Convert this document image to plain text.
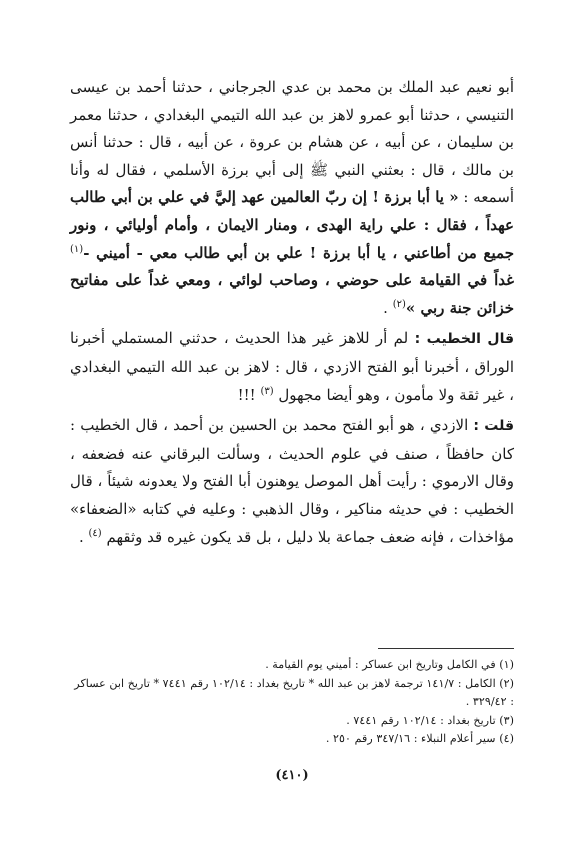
أبو نعيم عبد الملك بن محمد بن عدي الجرجاني ، حدثنا أحمد بن عيسى التنيسي ، حدثنا أبو عمرو لاهز بن عبد الله التيمي البغدادي ، حدثنا معمر بن سليمان ، عن أبيه ، عن هشام بن عروة ، عن أبيه ، قال : حدثنا أنس بن مالك ، قال : بعثني النبي ﷺ إلى أبي برزة الأسلمي ، فقال له وأنا أسمعه : « يا أبا برزة ! إن ربّ العالمين عهد إليَّ في علي بن أبي طالب عهداً ، فقال : علي راية الهدى ، ومنار الايمان ، وأمام أوليائي ، ونور جميع من أطاعني ، يا أبا برزة ! علي بن أبي طالب معي - أميني -$^{(١)}$ غداً في القيامة على حوضي ، وصاحب لوائي ، ومعي غداً على مفاتيح خزائن جنة ربي »$^{(٢)}$ .

قال الخطيب : لم أر للاهز غير هذا الحديث ، حدثني المستملي أخبرنا الوراق ، أخبرنا أبو الفتح الازدي ، قال : لاهز بن عبد الله التيمي البغدادي ، غير ثقة ولا مأمون ، وهو أيضا مجهول $^{(٣)}$ !!!

قلت : الازدي ، هو أبو الفتح محمد بن الحسين بن أحمد ، قال الخطيب : كان حافظاً ، صنف في علوم الحديث ، وسألت البرقاني عنه فضعفه ، وقال الارموي : رأيت أهل الموصل يوهنون أبا الفتح ولا يعدونه شيئاً ، قال الخطيب : في حديثه مناكير ، وقال الذهبي : وعليه في كتابه «الضعفاء» مؤاخذات ، فإنه ضعف جماعة بلا دليل ، بل قد يكون غيره قد وثقهم $^{(٤)}$ .

(١) في الكامل وتاريخ ابن عساكر : أميني يوم القيامة .

(٢) الكامل : ١٤١/٧ ترجمة لاهز بن عبد الله * تاريخ بغداد : ١٠٢/١٤ رقم ٧٤٤١ * تاريخ ابن عساكر : ٣٢٩/٤٢ .

(٣) تاريخ بغداد : ١٠٢/١٤ رقم ٧٤٤١ .

(٤) سير أعلام النبلاء : ٣٤٧/١٦ رقم ٢٥٠ .

(٤١٠)
